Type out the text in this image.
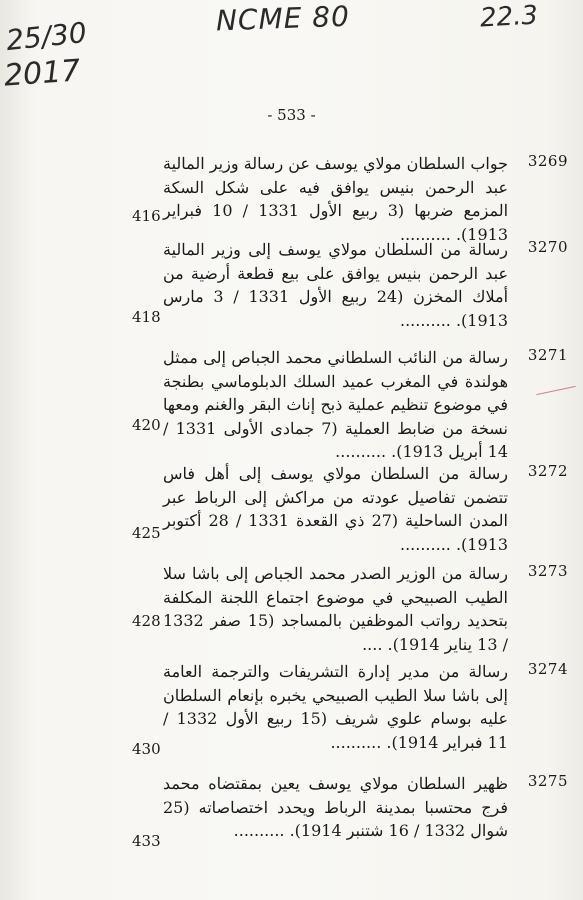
NCME 80	22.3
25/30
2017
- 533 -
3269
جواب السلطان مولاي يوسف عن رسالة وزير المالية عبد الرحمن بنيس يوافق فيه على شكل السكة المزمع ضربها (3 ربيع الأول 1331 / 10 فبراير 1913). ..........
416
3270
رسالة من السلطان مولاي يوسف إلى وزير المالية عبد الرحمن بنيس يوافق على بيع قطعة أرضية من أملاك المخزن (24 ربيع الأول 1331 / 3 مارس 1913). ..........
418
3271
رسالة من النائب السلطاني محمد الجباص إلى ممثل هولندة في المغرب عميد السلك الدبلوماسي بطنجة في موضوع تنظيم عملية ذبح إناث البقر والغنم ومعها نسخة من ضابط العملية (7 جمادى الأولى 1331 / 14 أبريل 1913). ..........
420
3272
رسالة من السلطان مولاي يوسف إلى أهل فاس تتضمن تفاصيل عودته من مراكش إلى الرباط عبر المدن الساحلية (27 ذي القعدة 1331 / 28 أكتوبر 1913). ..........
425
3273
رسالة من الوزير الصدر محمد الجباص إلى باشا سلا الطيب الصبيحي في موضوع اجتماع اللجنة المكلفة بتحديد رواتب الموظفين بالمساجد (15 صفر 1332 / 13 يناير 1914). ....
428
3274
رسالة من مدير إدارة التشريفات والترجمة العامة إلى باشا سلا الطيب الصبيحي يخبره بإنعام السلطان عليه بوسام علوي شريف (15 ربيع الأول 1332 / 11 فبراير 1914). ..........
430
3275
ظهير السلطان مولاي يوسف يعين بمقتضاه محمد فرج محتسبا بمدينة الرباط ويحدد اختصاصاته (25 شوال 1332 / 16 شتنبر 1914). ..........
433
